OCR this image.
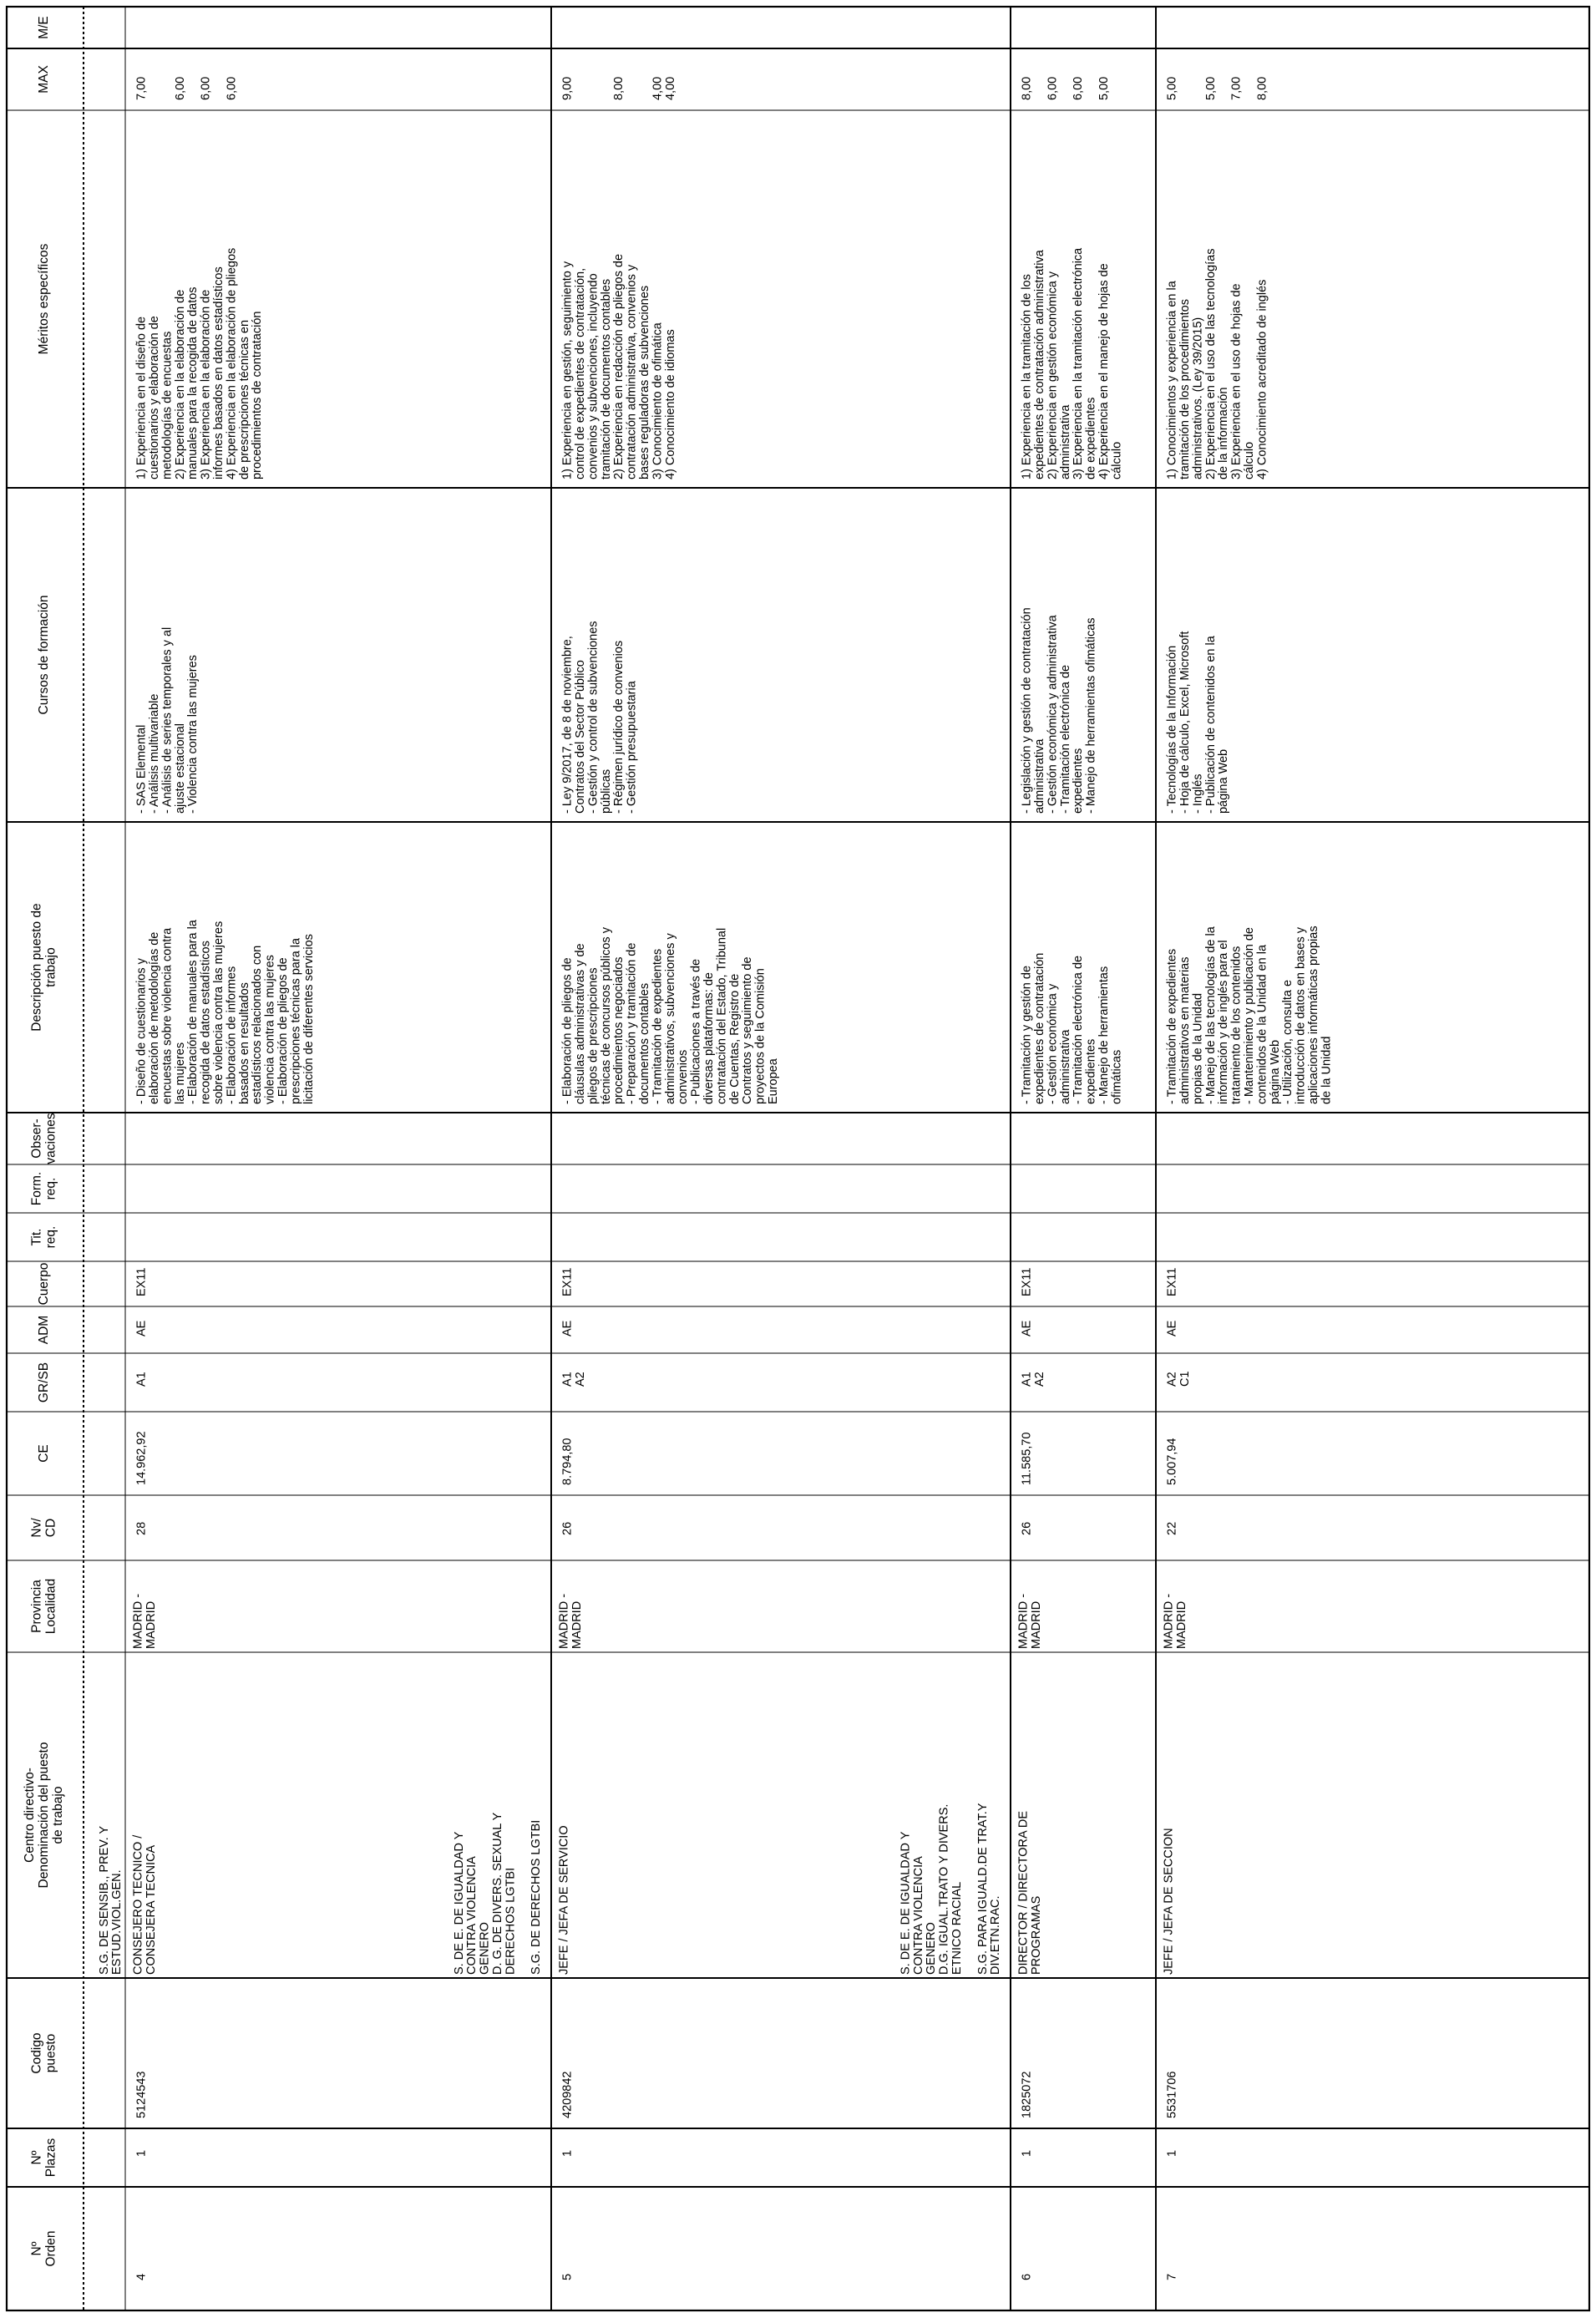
M/E
MAX
Méritos específicos
Cursos de formación
Descripción puesto de trabajo
Obser- vaciones
Form. req.
Tit. req.
Cuerpo
ADM
GR/SB
CE
Nv/ CD
Provincia Localidad
Centro directivo- Denominación del puesto de trabajo
Codigo puesto
Nº Plazas
Nº Orden
4
1
5124543
S.G. DE SENSIB., PREV. Y ESTUD.VIOL.GEN. CONSEJERO TECNICO / CONSEJERA TECNICA
MADRID - MADRID
28
14.962,92
A1
AE
EX11
- Diseño de cuestionarios y elaboración de metodologías de encuestas sobre violencia contra las mujeres - Elaboración de manuales para la recogida de datos estadísticos sobre violencia contra las mujeres - Elaboración de informes basados en resultados estadísticos relacionados con violencia contra las mujeres - Elaboración de pliegos de prescripciones técnicas para la licitación de diferentes servicios
- SAS Elemental - Análisis multivariable - Análisis de series temporales y al ajuste estacional - Violencia contra las mujeres
1) Experiencia en el diseño de cuestionarios y elaboración de metodologías de encuestas 2) Experiencia en la elaboración de manuales para la recogida de datos 3) Experiencia en la elaboración de informes basados en datos estadísticos 4) Experiencia en la elaboración de pliegos de prescripciones técnicas en procedimientos de contratación
7,00 6,00 6,00 6,00
5
1
4209842
S. DE E. DE IGUALDAD Y CONTRA VIOLENCIA GENERO D. G. DE DIVERS. SEXUAL Y DERECHOS LGTBI S.G. DE DERECHOS LGTBI JEFE / JEFA DE SERVICIO
MADRID - MADRID
26
8.794,80
A1 A2
AE
EX11
- Elaboración de pliegos de cláusulas administrativas y de pliegos de prescripciones técnicas de concursos públicos y procedimientos negociados - Preparación y tramitación de documentos contables - Tramitación de expedientes administrativos, subvenciones y convenios - Publicaciones a través de diversas plataformas: de contratación del Estado, Tribunal de Cuentas, Registro de Contratos y seguimiento de proyectos de la Comisión Europea
- Ley 9/2017, de 8 de noviembre, Contratos del Sector Público - Gestión y control de subvenciones públicas - Régimen jurídico de convenios - Gestión presupuestaria
1) Experiencia en gestión, seguimiento y control de expedientes de contratación, convenios y subvenciones, incluyendo tramitación de documentos contables 2) Experiencia en redacción de pliegos de contratación administrativa, convenios y bases reguladoras de subvenciones 3) Conocimiento de ofimática 4) Conocimiento de idiomas
9,00	8,00 4,00 4,00
6
1
1825072
S. DE E. DE IGUALDAD Y CONTRA VIOLENCIA GENERO D.G. IGUAL.TRATO Y DIVERS. ETNICO RACIAL S.G. PARA IGUALD.DE TRAT.Y DIV.ETN.RAC. DIRECTOR / DIRECTORA DE PROGRAMAS
MADRID - MADRID
26
11.585,70
A1 A2
AE
EX11
- Tramitación y gestión de expedientes de contratación - Gestión económica y administrativa - Tramitación electrónica de expedientes - Manejo de herramientas ofimáticas
- Legislación y gestión de contratación administrativa - Gestión económica y administrativa - Tramitación electrónica de expedientes - Manejo de herramientas ofimáticas
1) Experiencia en la tramitación de los expedientes de contratación administrativa 2) Experiencia en gestión económica y administrativa 3) Experiencia en la tramitación electrónica de expedientes 4) Experiencia en el manejo de hojas de cálculo
8,00 6,00 6,00 5,00
7
1
5531706
JEFE / JEFA DE SECCION
MADRID - MADRID
22
5.007,94
A2 C1
AE
EX11
- Tramitación de expedientes administrativos en materias propias de la Unidad - Manejo de las tecnologías de la información y de inglés para el tratamiento de los contenidos - Mantenimiento y publicación de contenidos de la Unidad en la página Web - Utilización, consulta e introducción de datos en bases y aplicaciones informáticas propias de la Unidad
- Tecnologías de la Información - Hoja de cálculo, Excel, Microsoft - Inglés - Publicación de contenidos en la página Web
1) Conocimientos y experiencia en la tramitación de los procedimientos administrativos. (Ley 39/2015) 2) Experiencia en el uso de las tecnologías de la información 3) Experiencia en el uso de hojas de cálculo 4) Conocimiento acreditado de inglés
5,00 5,00 7,00 8,00
